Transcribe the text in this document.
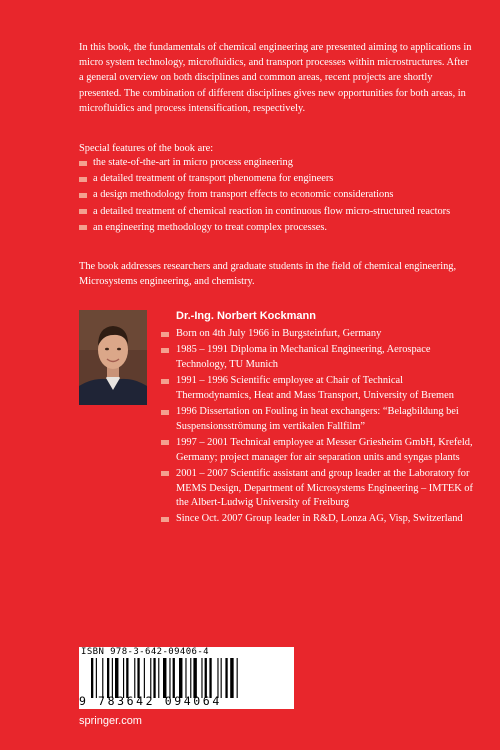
In this book, the fundamentals of chemical engineering are presented aiming to applications in micro system technology, microfluidics, and transport processes within microstructures. After a general overview on both disciplines and common areas, recent projects are shortly presented. The combination of different disciplines gives new opportunities for both areas, in microfluidics and process intensification, respectively.

Special features of the book are:

the state-of-the-art in micro process engineering
a detailed treatment of transport phenomena for engineers
a design methodology from transport effects to economic considerations
a detailed treatment of chemical reaction in continuous flow micro-structured reactors
an engineering methodology to treat complex processes.

The book addresses researchers and graduate students in the field of chemical engineering, Microsystems engineering, and chemistry.

Dr.-Ing. Norbert Kockmann
Born on 4th July 1966 in Burgsteinfurt, Germany
1985 – 1991 Diploma in Mechanical Engineering, Aerospace Technology, TU Munich
1991 – 1996 Scientific employee at Chair of Technical Thermodynamics, Heat and Mass Transport, University of Bremen
1996 Dissertation on Fouling in heat exchangers: “Belagbildung bei Suspensionsströmung im vertikalen Fallfilm”
1997 – 2001 Technical employee at Messer Griesheim GmbH, Krefeld, Germany; project manager for air separation units and syngas plants
2001 – 2007 Scientific assistant and group leader at the Laboratory for MEMS Design, Department of Microsystems Engineering – IMTEK of the Albert-Ludwig University of Freiburg
Since Oct. 2007 Group leader in R&D, Lonza AG, Visp, Switzerland
ISBN 978-3-642-09406-4
9 783642 094064
springer.com
